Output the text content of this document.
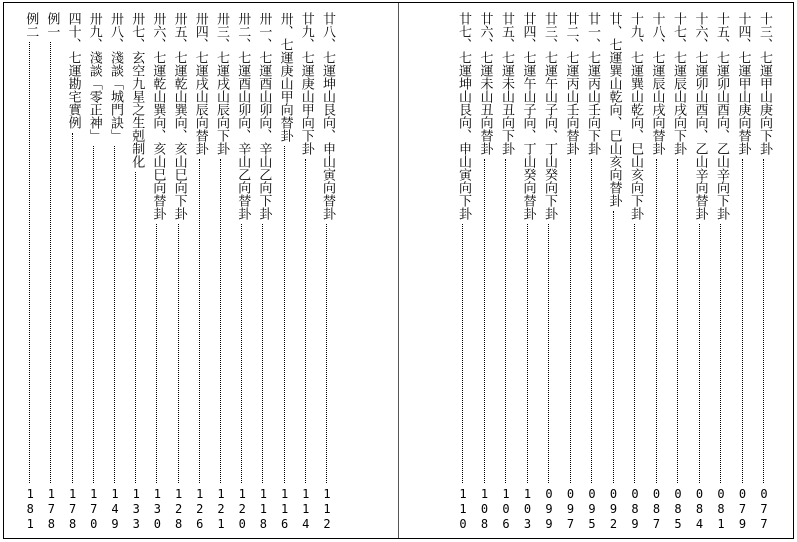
十三、七運甲山庚向下卦
077
十四、七運甲山庚向替卦
079
十五、七運卯山酉向、乙山辛向下卦
081
十六、七運卯山酉向、乙山辛向替卦
084
十七、七運辰山戌向下卦
085
十八、七運辰山戌向替卦
087
十九、七運巽山乾向、巳山亥向下卦
089
廿、七運巽山乾向、巳山亥向替卦
092
廿一、七運丙山壬向下卦
095
廿二、七運丙山壬向替卦
097
廿三、七運午山子向、丁山癸向下卦
099
廿四、七運午山子向、丁山癸向替卦
103
廿五、七運未山丑向下卦
106
廿六、七運未山丑向替卦
108
廿七、七運坤山艮向、申山寅向下卦
110
廿八、七運坤山艮向、申山寅向替卦
112
廿九、七運庚山甲向下卦
114
卅、七運庚山甲向替卦
116
卅一、七運酉山卯向、辛山乙向下卦
118
卅二、七運酉山卯向、辛山乙向替卦
120
卅三、七運戌山辰向下卦
121
卅四、七運戌山辰向替卦
126
卅五、七運乾山巽向、亥山巳向下卦
128
卅六、七運乾山巽向、亥山巳向替卦
130
卅七、玄空九星之生剋制化
133
卅八、淺談「城門訣」
149
卅九、淺談「零正神」
170
四十、七運勘宅實例
178
例一
178
例二
181
